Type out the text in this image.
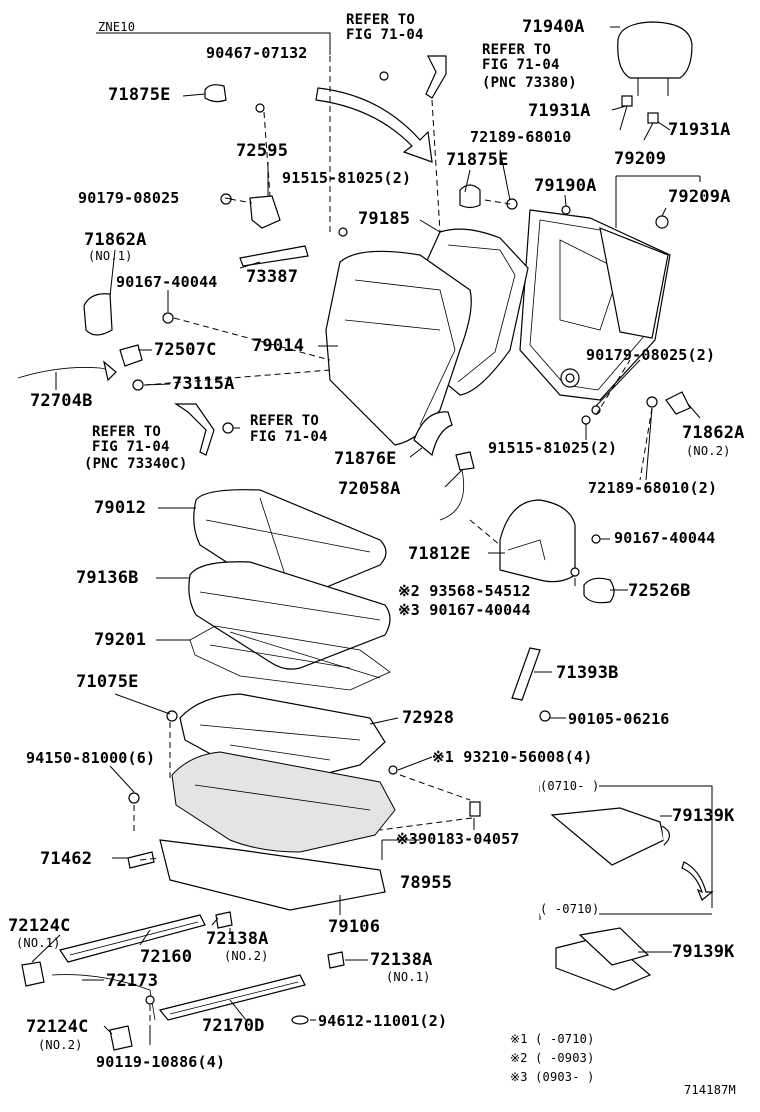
ZNE10	REFER TO
FIG 71-04
REFER TO
FIG 71-04
(PNC 73380)
90467-07132
71875E
72595
90179-08025
91515-81025(2)
71862A
(NO.1)
90167-40044 73387
72507C 79014
72704B
73115A
REFER TO
FIG 71-04
(PNC 73340C)
REFER TO
FIG 71-04
71940A
71931A
71931A
72189-68010
71875E	79209
79190A
79209A
79185
90179-08025(2)
71862A
(NO.2)
91515-81025(2)
72189-68010(2)
71876E
72058A
79012
71812E
90167-40044
※2 93568-54512
※3 90167-40044
72526B
79136B
79201
71393B
71075E
90105-06216
72928
94150-81000(6)	※1 93210-56008(4)
(0710- )
79139K
※390183-04057
71462
78955
79106
( -0710)
79139K
72124C
(NO.1)
72160
72138A
(NO.2)	72138A
(NO.1)
72173
72124C
(NO.2)
72170D	94612-11001(2)
90119-10886(4)
※1 ( -0710)
※2 ( -0903)
※3 (0903- )
714187M
